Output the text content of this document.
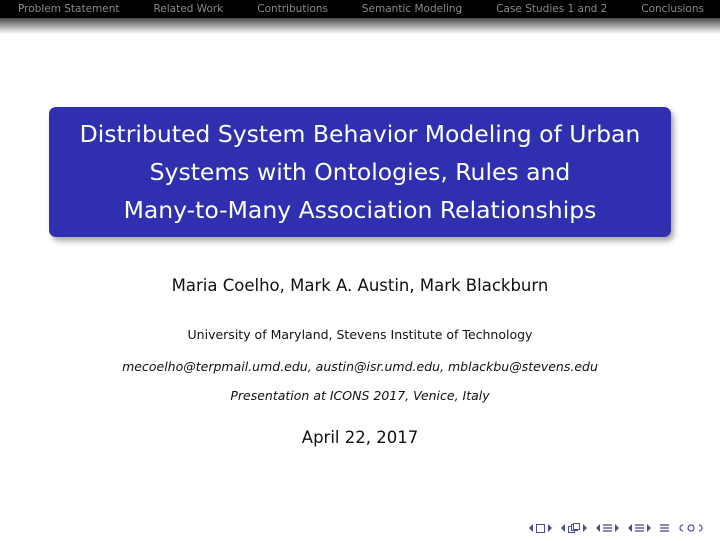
Problem Statement	Related Work	Contributions	Semantic Modeling	Case Studies 1 and 2	Conclusions
Distributed System Behavior Modeling of Urban
Systems with Ontologies, Rules and
Many-to-Many Association Relationships
Maria Coelho, Mark A. Austin, Mark Blackburn
University of Maryland, Stevens Institute of Technology
mecoelho@terpmail.umd.edu, austin@isr.umd.edu, mblackbu@stevens.edu
Presentation at ICONS 2017, Venice, Italy
April 22, 2017
